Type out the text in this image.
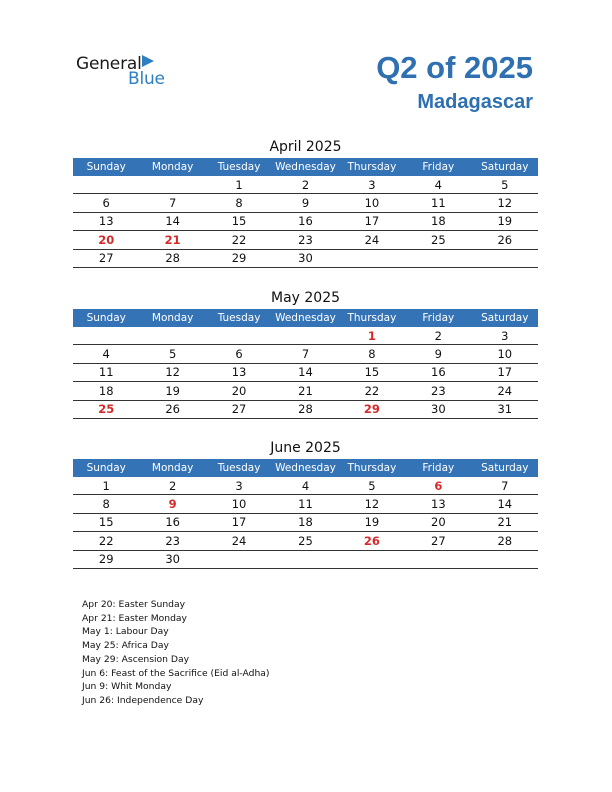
General
Blue	Q2 of 2025
Madagascar
April 2025
Sunday	Monday	Tuesday	Wednesday	Thursday	Friday	Saturday
		1	2	3	4	5
6	7	8	9	10	11	12
13	14	15	16	17	18	19
20	21	22	23	24	25	26
27	28	29	30			
May 2025
Sunday	Monday	Tuesday	Wednesday	Thursday	Friday	Saturday
				1	2	3
4	5	6	7	8	9	10
11	12	13	14	15	16	17
18	19	20	21	22	23	24
25	26	27	28	29	30	31
June 2025
Sunday	Monday	Tuesday	Wednesday	Thursday	Friday	Saturday
1	2	3	4	5	6	7
8	9	10	11	12	13	14
15	16	17	18	19	20	21
22	23	24	25	26	27	28
29	30					
Apr 20: Easter Sunday
Apr 21: Easter Monday
May 1: Labour Day
May 25: Africa Day
May 29: Ascension Day
Jun 6: Feast of the Sacrifice (Eid al-Adha)
Jun 9: Whit Monday
Jun 26: Independence Day
